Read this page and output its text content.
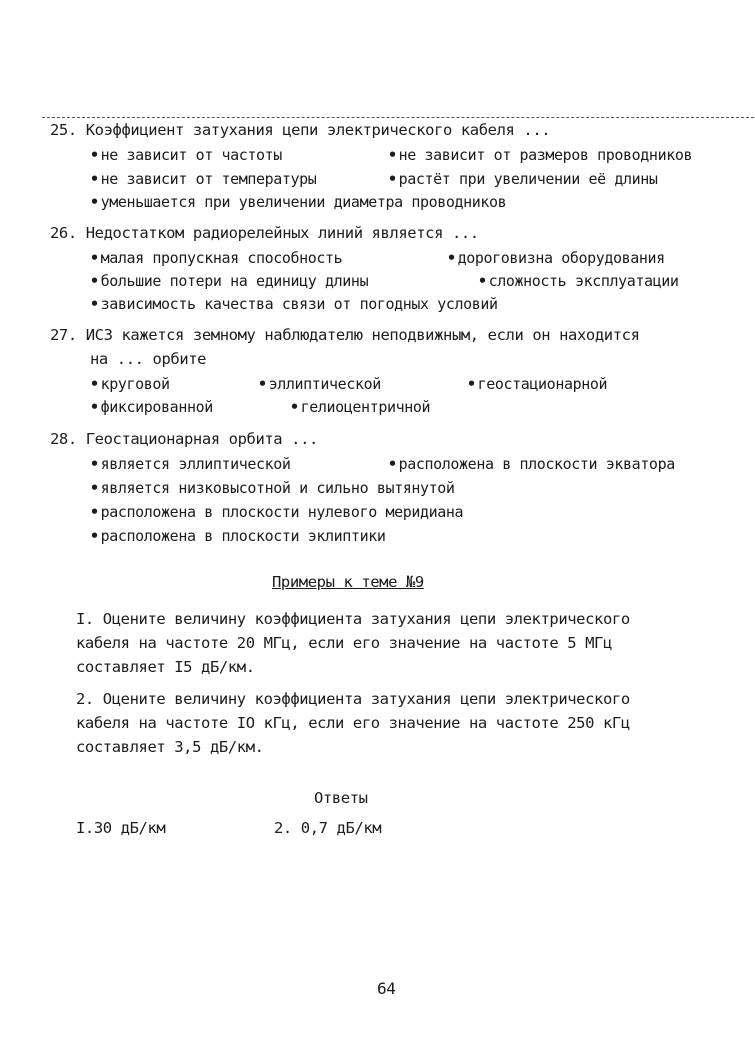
25. Коэффициент затухания цепи электрического кабеля ...
• не зависит от частоты	• не зависит от размеров проводников
• не зависит от температуры	• растёт при увеличении её длины
• уменьшается при увеличении диаметра проводников
26. Недостатком радиорелейных линий является ...
• малая пропускная способность	• дороговизна оборудования
• большие потери на единицу длины	• сложность эксплуатации
• зависимость качества связи от погодных условий
27. ИСЗ кажется земному наблюдателю неподвижным, если он находится
на ... орбите
• круговой	• эллиптической	• геостационарной
• фиксированной	• гелиоцентричной
28. Геостационарная орбита ...
• является эллиптической	• расположена в плоскости экватора
• является низковысотной и сильно вытянутой
• расположена в плоскости нулевого меридиана
• расположена в плоскости эклиптики
Примеры к теме №9
I. Оцените величину коэффициента затухания цепи электрического
кабеля на частоте 20 МГц, если его значение на частоте 5 МГц
составляет I5 дБ/км.
2. Оцените величину коэффициента затухания цепи электрического
кабеля на частоте IO кГц, если его значение на частоте 250 кГц
составляет 3,5 дБ/км.
Ответы
I.30 дБ/км	2. 0,7 дБ/км
64
